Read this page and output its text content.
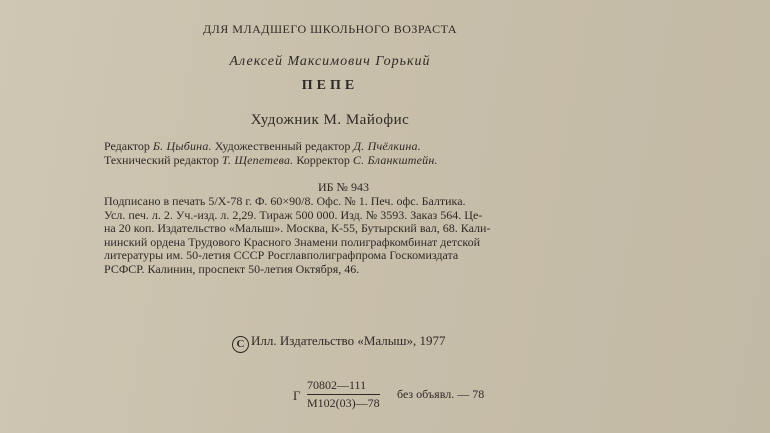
ДЛЯ МЛАДШЕГО ШКОЛЬНОГО ВОЗРАСТА
Алексей Максимович Горький
ПЕПЕ
Художник М. Майофис
Редактор Б. Цыбина. Художественный редактор Д. Пчёлкина.
Технический редактор Т. Щепетева. Корректор С. Бланкштейн.
ИБ № 943
Подписано в печать 5/X-78 г. Ф. 60×90/8. Офс. № 1. Печ. офс. Балтика.
Усл. печ. л. 2. Уч.-изд. л. 2,29. Тираж 500 000. Изд. № 3593. Заказ 564. Це-
на 20 коп. Издательство «Малыш». Москва, К-55, Бутырский вал, 68. Кали-
нинский ордена Трудового Красного Знамени полиграфкомбинат детской
литературы им. 50-летия СССР Росглавполиграфпрома Госкомиздата
РСФСР. Калинин, проспект 50-летия Октября, 46.
С Илл. Издательство «Малыш», 1977
Г
70802—111
М102(03)—78
без объявл. — 78
